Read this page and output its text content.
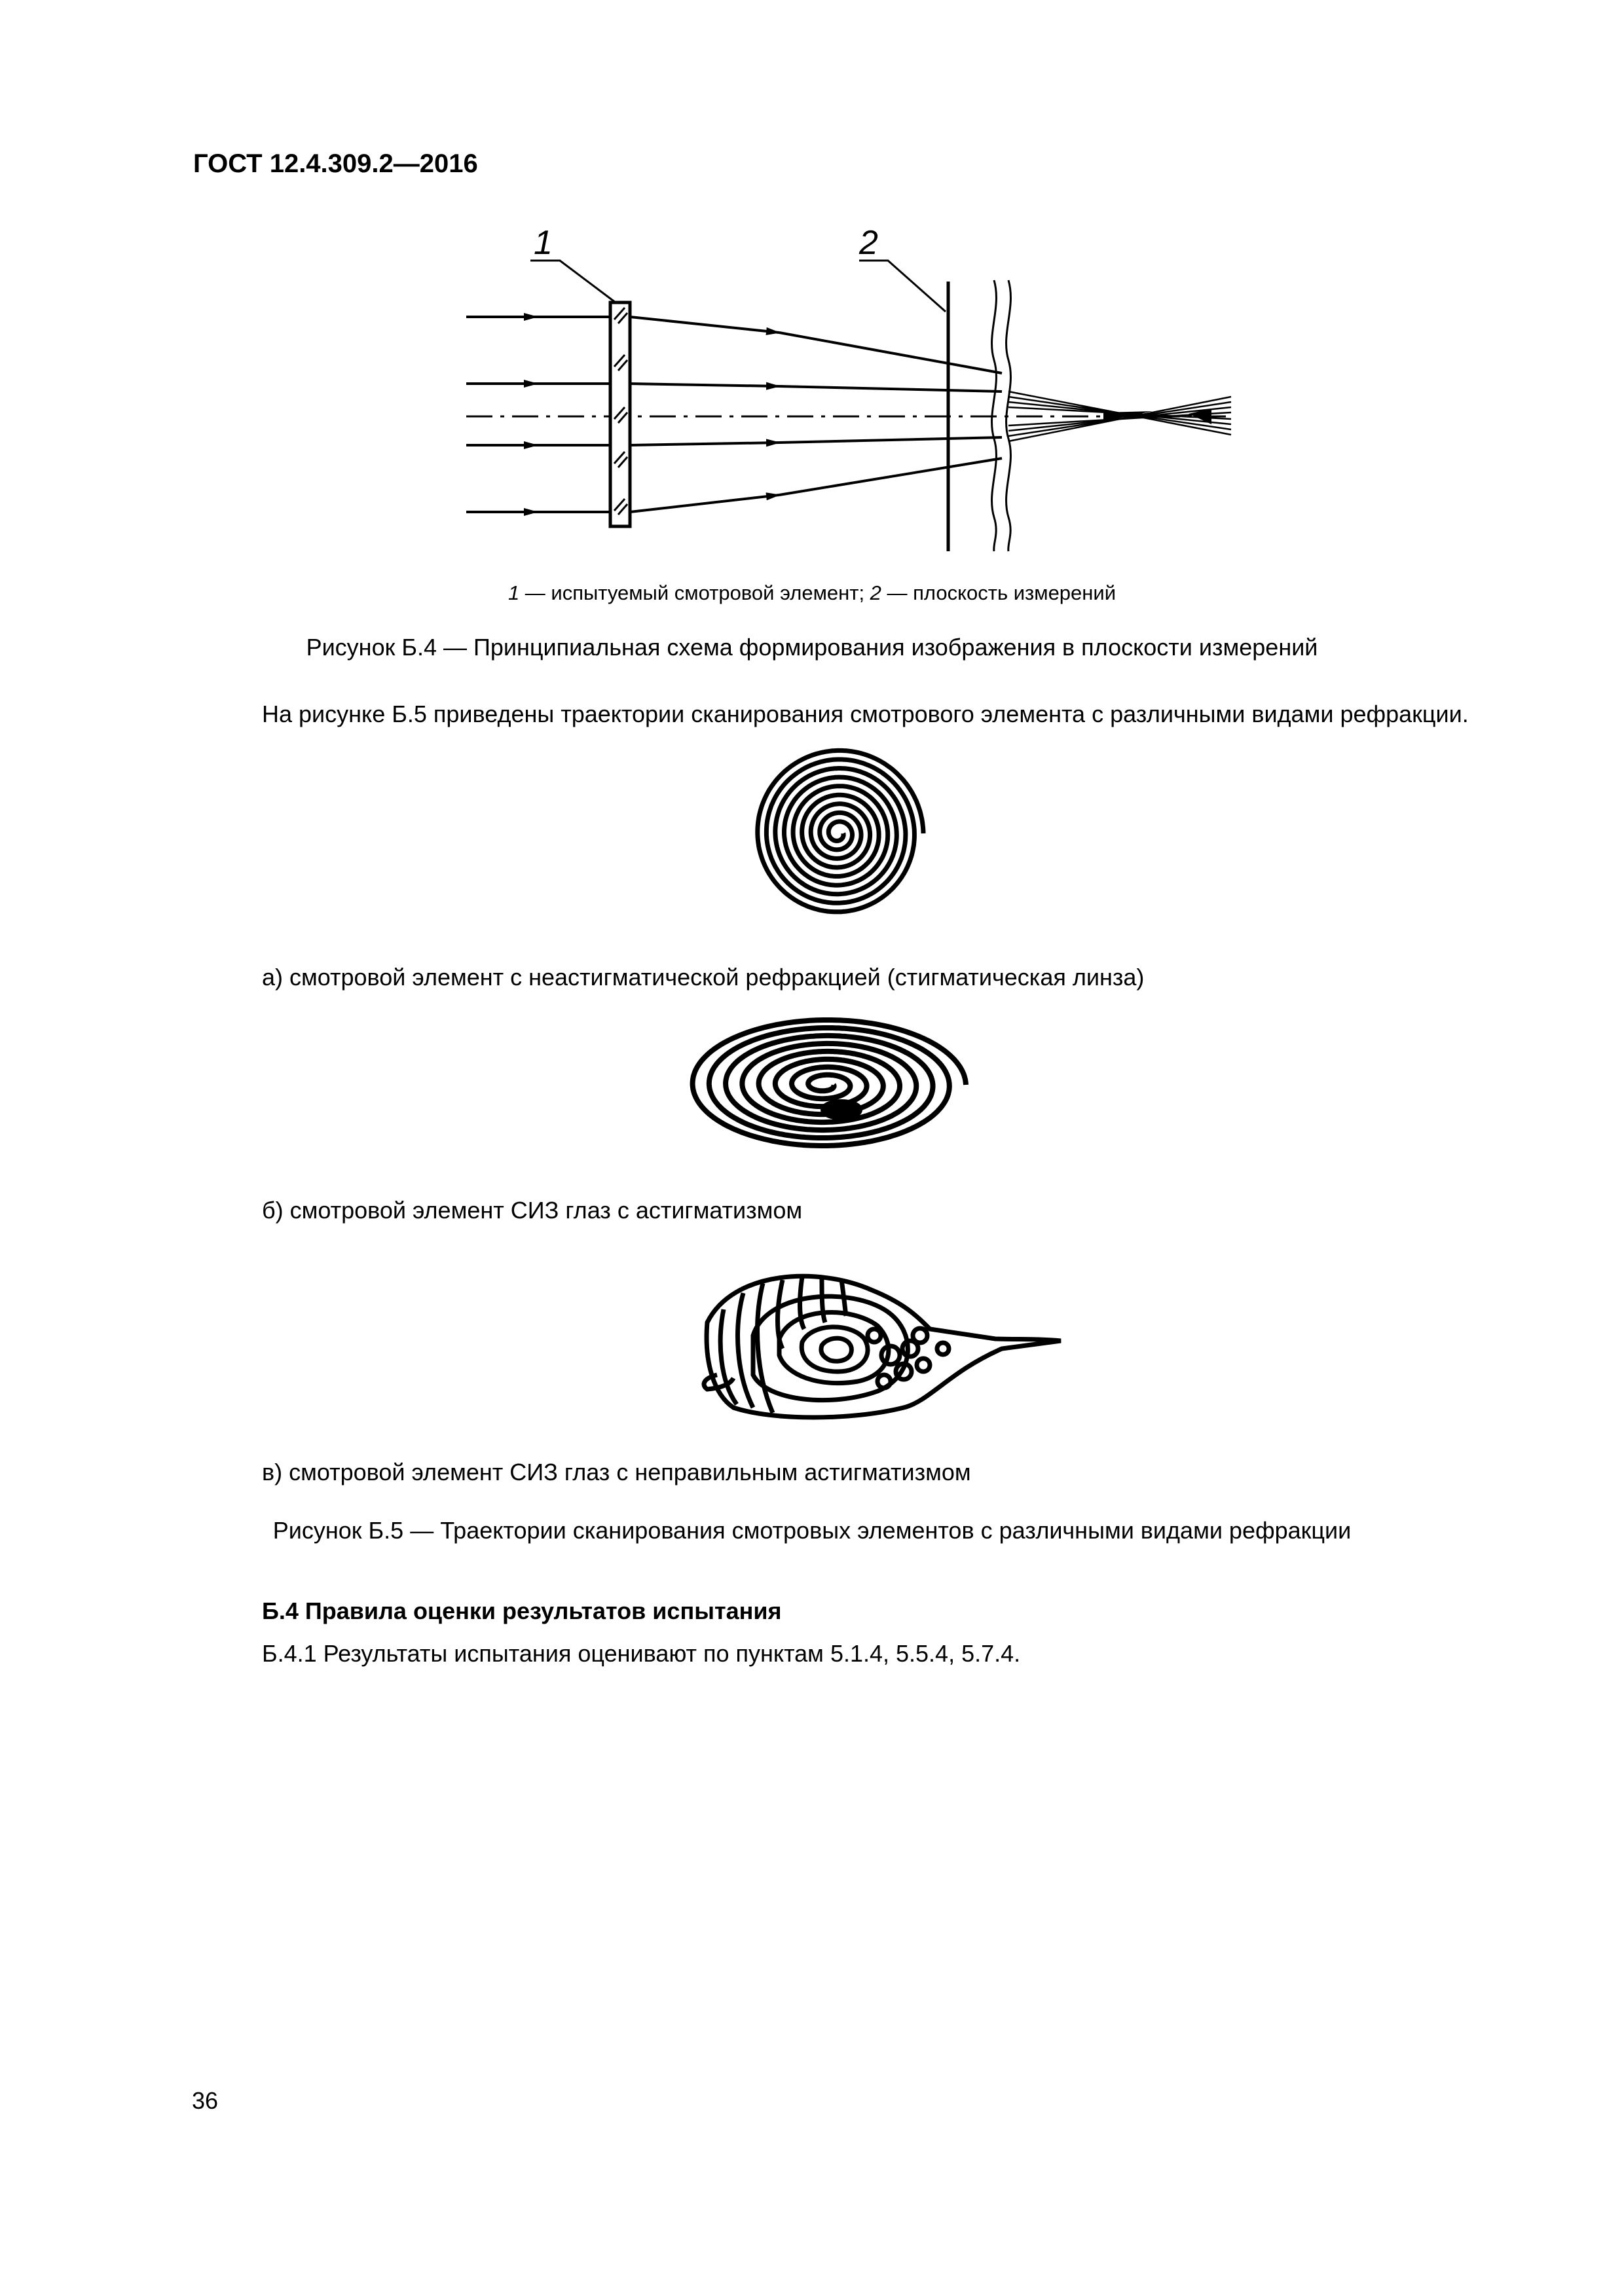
ГОСТ 12.4.309.2—2016
1	2
1 — испытуемый смотровой элемент; 2 — плоскость измерений
Рисунок Б.4 — Принципиальная схема формирования изображения в плоскости измерений
На рисунке Б.5 приведены траектории сканирования смотрового элемента с различными видами рефракции.
а) смотровой элемент с неастигматической рефракцией (стигматическая линза)
б) смотровой элемент СИЗ глаз с астигматизмом
в) смотровой элемент СИЗ глаз с неправильным астигматизмом
Рисунок Б.5 — Траектории сканирования смотровых элементов с различными видами рефракции
Б.4 Правила оценки результатов испытания
Б.4.1 Результаты испытания оценивают по пунктам 5.1.4, 5.5.4, 5.7.4.
36
